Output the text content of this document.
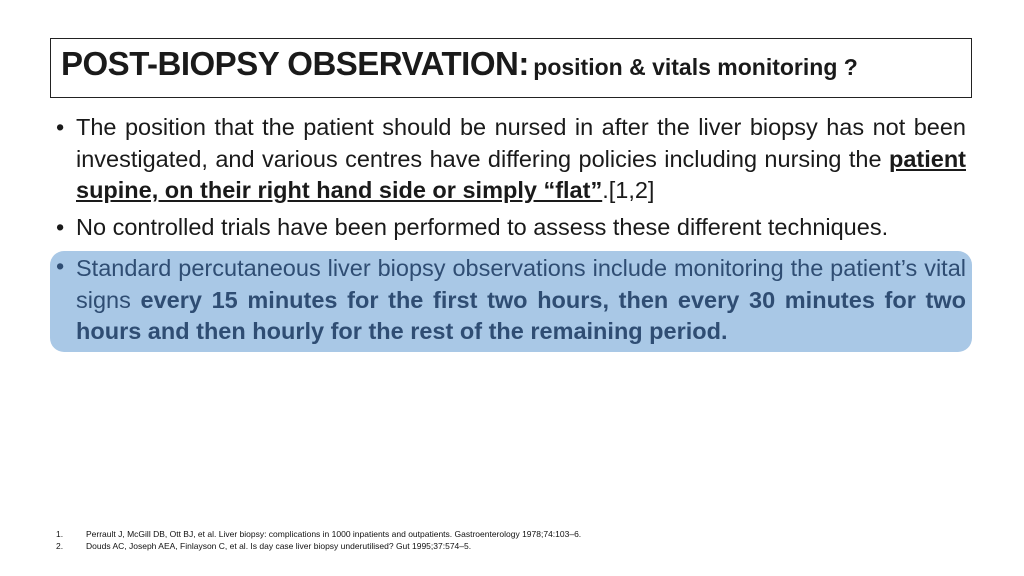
POST-BIOPSY OBSERVATION: position & vitals monitoring ?
• The position that the patient should be nursed in after the liver biopsy has not been investigated, and various centres have differing policies including nursing the patient supine, on their right hand side or simply “flat”.[1,2]
• No controlled trials have been performed to assess these different techniques.
• Standard percutaneous liver biopsy observations include monitoring the patient’s vital signs every 15 minutes for the first two hours, then every 30 minutes for two hours and then hourly for the rest of the remaining period.
1.	Perrault J, McGill DB, Ott BJ, et al. Liver biopsy: complications in 1000 inpatients and outpatients. Gastroenterology 1978;74:103–6.
2.	Douds AC, Joseph AEA, Finlayson C, et al. Is day case liver biopsy underutilised? Gut 1995;37:574–5.
